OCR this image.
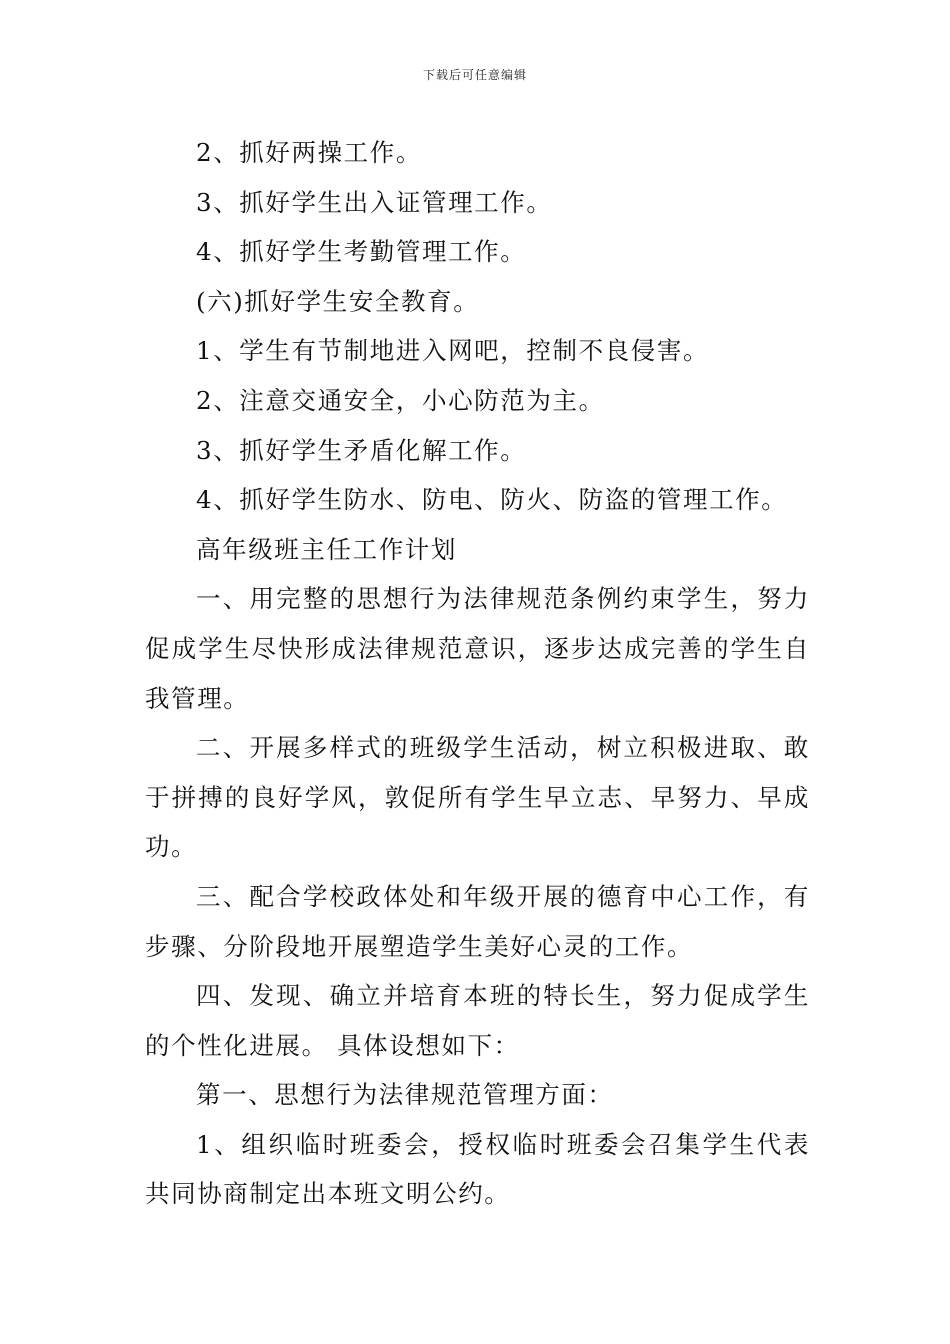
下载后可任意编辑

2、抓好两操工作。

3、抓好学生出入证管理工作。

4、抓好学生考勤管理工作。

(六)抓好学生安全教育。

1、学生有节制地进入网吧，控制不良侵害。

2、注意交通安全，小心防范为主。

3、抓好学生矛盾化解工作。

4、抓好学生防水、防电、防火、防盗的管理工作。

高年级班主任工作计划

一、用完整的思想行为法律规范条例约束学生，努力促成学生尽快形成法律规范意识，逐步达成完善的学生自我管理。

二、开展多样式的班级学生活动，树立积极进取、敢于拼搏的良好学风，敦促所有学生早立志、早努力、早成功。

三、配合学校政体处和年级开展的德育中心工作，有步骤、分阶段地开展塑造学生美好心灵的工作。

四、发现、确立并培育本班的特长生，努力促成学生的个性化进展。 具体设想如下：

第一、思想行为法律规范管理方面：

1、组织临时班委会，授权临时班委会召集学生代表共同协商制定出本班文明公约。
